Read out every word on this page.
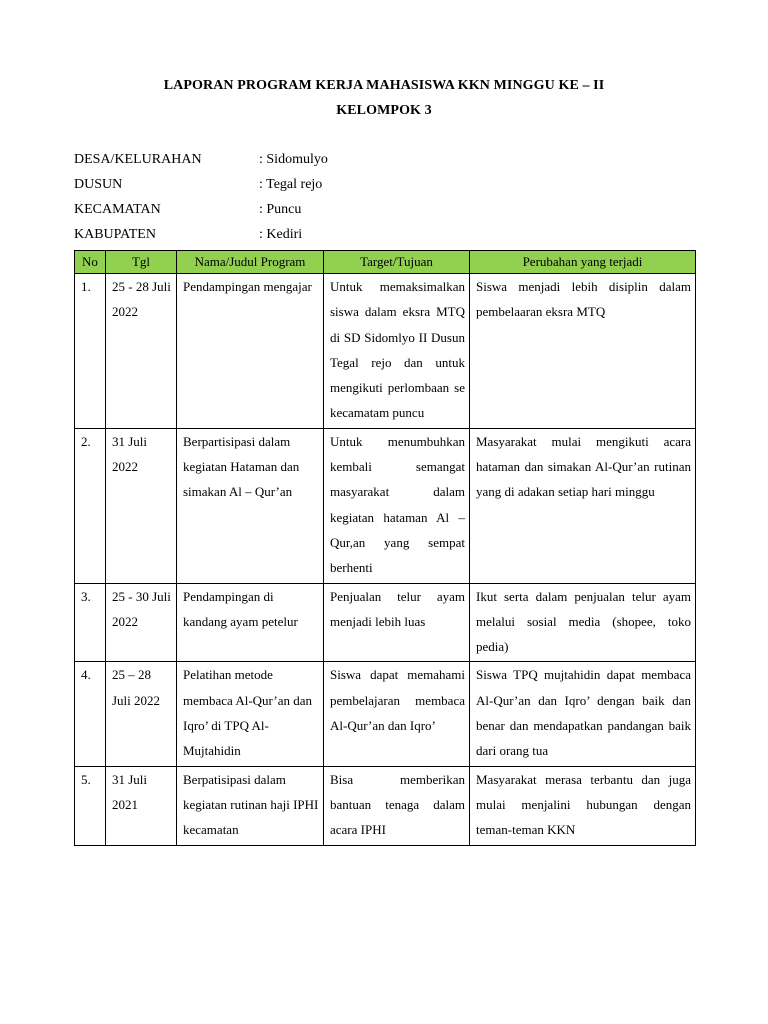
LAPORAN PROGRAM KERJA MAHASISWA KKN MINGGU KE – II
KELOMPOK 3
DESA/KELURAHAN	: Sidomulyo
DUSUN	: Tegal rejo
KECAMATAN	: Puncu
KABUPATEN	: Kediri
No	Tgl	Nama/Judul Program	Target/Tujuan	Perubahan yang terjadi
1.	25 - 28 Juli 2022	Pendampingan mengajar	Untuk memaksimalkan siswa dalam eksra MTQ di SD Sidomlyo II Dusun Tegal rejo dan untuk mengikuti perlombaan se kecamatam puncu	Siswa menjadi lebih disiplin dalam pembelaaran eksra MTQ
2.	31 Juli 2022	Berpartisipasi dalam kegiatan Hataman dan simakan Al – Qur’an	Untuk menumbuhkan kembali semangat masyarakat dalam kegiatan hataman Al –Qur,an yang sempat berhenti	Masyarakat mulai mengikuti acara hataman dan simakan Al-Qur’an rutinan yang di adakan setiap hari minggu
3.	25 - 30 Juli 2022	Pendampingan di kandang ayam petelur	Penjualan telur ayam menjadi lebih luas	Ikut serta dalam penjualan telur ayam melalui sosial media (shopee, toko pedia)
4.	25 – 28 Juli 2022	Pelatihan metode membaca Al-Qur’an dan Iqro’ di TPQ Al-Mujtahidin	Siswa dapat memahami pembelajaran membaca Al-Qur’an dan Iqro’	Siswa TPQ mujtahidin dapat membaca Al-Qur’an dan Iqro’ dengan baik dan benar dan mendapatkan pandangan baik dari orang tua
5.	31 Juli 2021	Berpatisipasi dalam kegiatan rutinan haji IPHI kecamatan	Bisa memberikan bantuan tenaga dalam acara IPHI	Masyarakat merasa terbantu dan juga mulai menjalini hubungan dengan teman-teman KKN
